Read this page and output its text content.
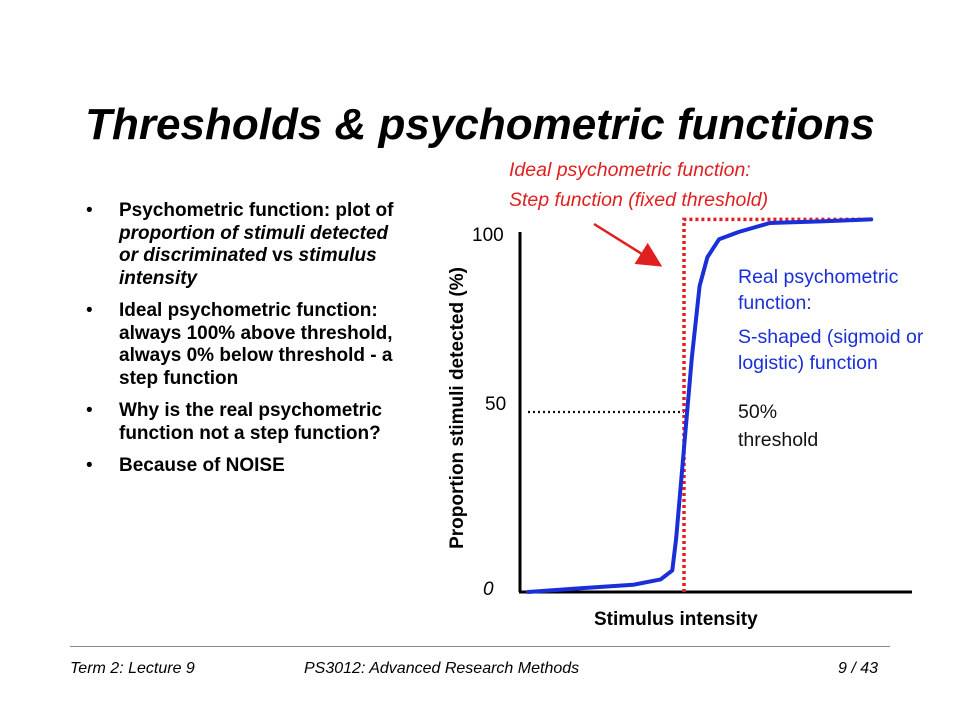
Thresholds & psychometric functions
• Psychometric function: plot of proportion of stimuli detected or discriminated vs stimulus intensity
• Ideal psychometric function: always 100% above threshold, always 0% below threshold - a step function
• Why is the real psychometric function not a step function?
• Because of NOISE
100
50
0
Proportion stimuli detected (%)
Stimulus intensity
Ideal psychometric function:
Step function (fixed threshold)
Real psychometric
function:
S-shaped (sigmoid or
logistic) function
50%
threshold
Term 2: Lecture 9	PS3012: Advanced Research Methods	9 / 43
